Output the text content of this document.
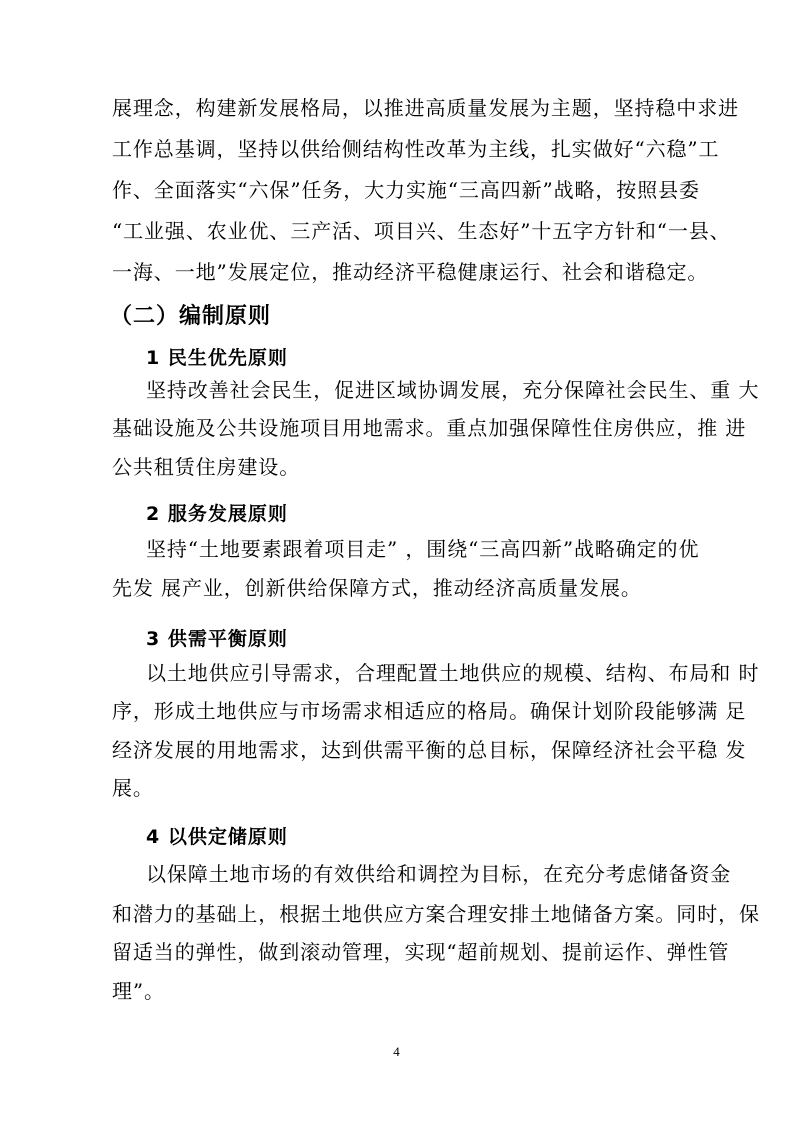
展理念，构建新发展格局，以推进高质量发展为主题，坚持稳中求进
工作总基调，坚持以供给侧结构性改革为主线，扎实做好“六稳”工
作、全面落实“六保”任务，大力实施“三高四新”战略，按照县委
“工业强、农业优、三产活、项目兴、生态好”十五字方针和“一县、
一海、一地”发展定位，推动经济平稳健康运行、社会和谐稳定。
（二）编制原则
1 民生优先原则
坚持改善社会民生，促进区域协调发展，充分保障社会民生、重 大
基础设施及公共设施项目用地需求。重点加强保障性住房供应，推 进
公共租赁住房建设。
2 服务发展原则
坚持“土地要素跟着项目走” ，围绕“三高四新”战略确定的优
先发 展产业，创新供给保障方式，推动经济高质量发展。
3 供需平衡原则
以土地供应引导需求，合理配置土地供应的规模、结构、布局和 时
序，形成土地供应与市场需求相适应的格局。确保计划阶段能够满 足
经济发展的用地需求，达到供需平衡的总目标，保障经济社会平稳 发
展。
4 以供定储原则
以保障土地市场的有效供给和调控为目标，在充分考虑储备资金
和潜力的基础上，根据土地供应方案合理安排土地储备方案。同时，保
留适当的弹性，做到滚动管理，实现“超前规划、提前运作、弹性管
理”。
4
